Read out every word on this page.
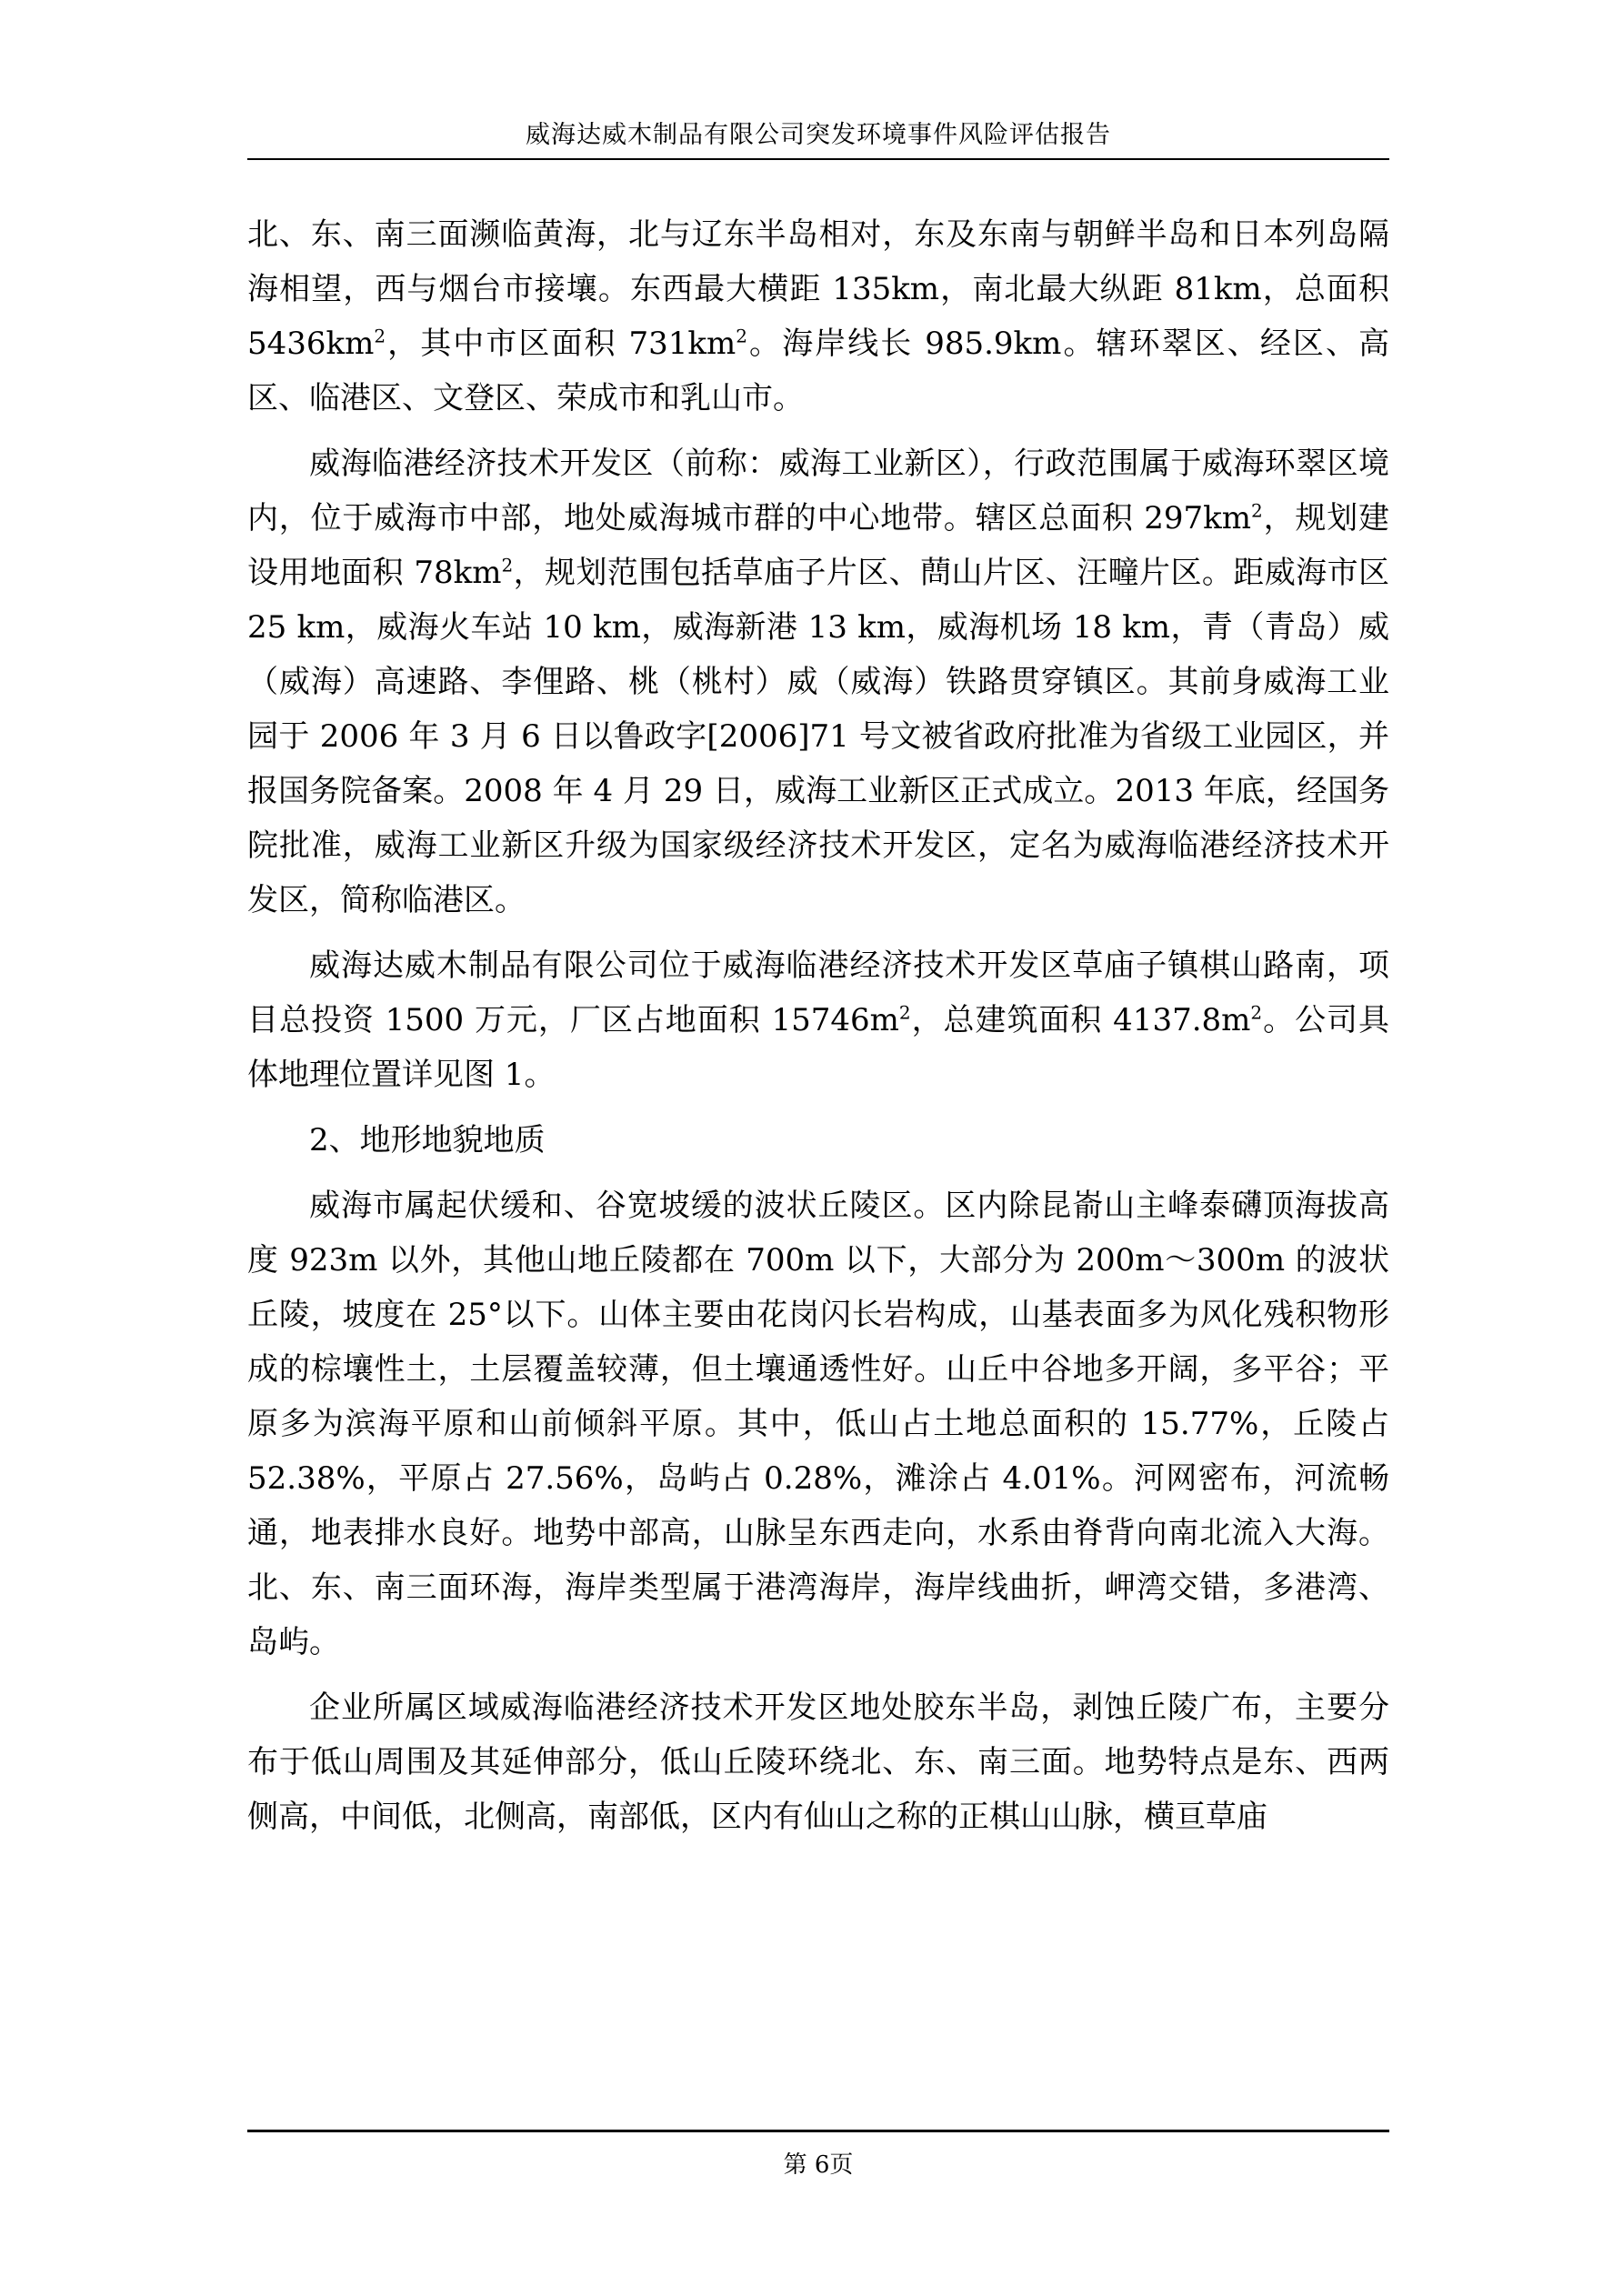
威海达威木制品有限公司突发环境事件风险评估报告

北、东、南三面濒临黄海，北与辽东半岛相对，东及东南与朝鲜半岛和日本列岛隔海相望，西与烟台市接壤。东西最大横距 135km，南北最大纵距 81km，总面积 $5436km^2$，其中市区面积 $731km^2$。海岸线长 985.9km。辖环翠区、经区、高区、临港区、文登区、荣成市和乳山市。

威海临港经济技术开发区（前称：威海工业新区），行政范围属于威海环翠区境内，位于威海市中部，地处威海城市群的中心地带。辖区总面积 $297km^2$，规划建设用地面积 $78km^2$，规划范围包括草庙子片区、蔄山片区、汪疃片区。距威海市区 25 km，威海火车站 10 km，威海新港 13 km，威海机场 18 km，青（青岛）威（威海）高速路、李俚路、桃（桃村）威（威海）铁路贯穿镇区。其前身威海工业园于 2006 年 3 月 6 日以鲁政字[2006]71 号文被省政府批准为省级工业园区，并报国务院备案。2008 年 4 月 29 日，威海工业新区正式成立。2013 年底，经国务院批准，威海工业新区升级为国家级经济技术开发区，定名为威海临港经济技术开发区，简称临港区。

威海达威木制品有限公司位于威海临港经济技术开发区草庙子镇棋山路南，项目总投资 1500 万元，厂区占地面积 $15746m^2$，总建筑面积 $4137.8m^2$。公司具体地理位置详见图 1。

2、地形地貌地质

威海市属起伏缓和、谷宽坡缓的波状丘陵区。区内除昆嵛山主峰泰礴顶海拔高度 923m 以外，其他山地丘陵都在 700m 以下，大部分为 200m～300m 的波状丘陵，坡度在 25°以下。山体主要由花岗闪长岩构成，山基表面多为风化残积物形成的棕壤性土，土层覆盖较薄，但土壤通透性好。山丘中谷地多开阔，多平谷；平原多为滨海平原和山前倾斜平原。其中，低山占土地总面积的 15.77%，丘陵占 52.38%，平原占 27.56%，岛屿占 0.28%，滩涂占 4.01%。河网密布，河流畅通，地表排水良好。地势中部高，山脉呈东西走向，水系由脊背向南北流入大海。北、东、南三面环海，海岸类型属于港湾海岸，海岸线曲折，岬湾交错，多港湾、岛屿。

企业所属区域威海临港经济技术开发区地处胶东半岛，剥蚀丘陵广布，主要分布于低山周围及其延伸部分，低山丘陵环绕北、东、南三面。地势特点是东、西两侧高，中间低，北侧高，南部低，区内有仙山之称的正棋山山脉，横亘草庙

第 6页
